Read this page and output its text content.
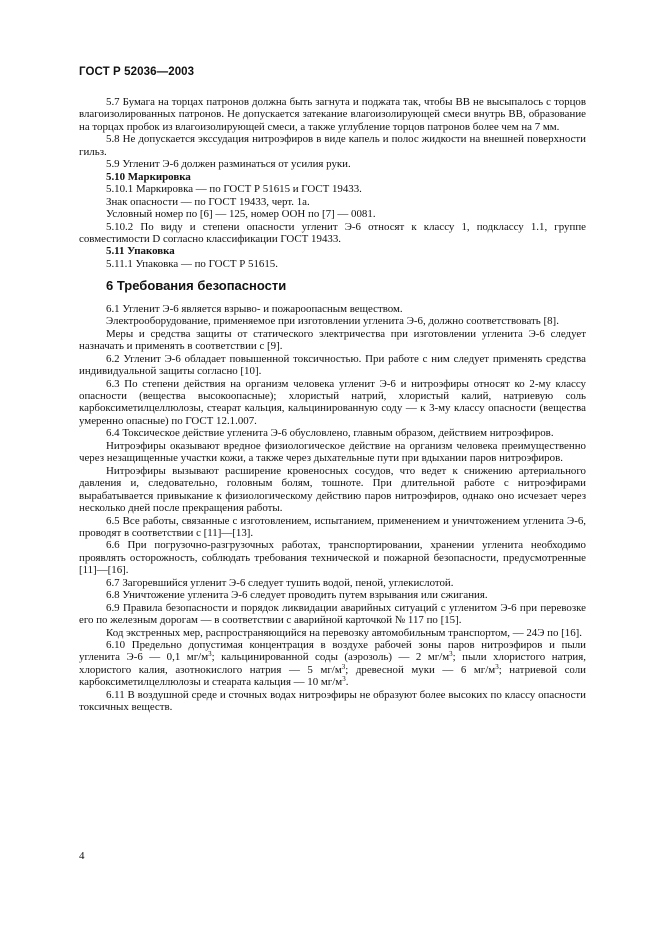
ГОСТ Р 52036—2003

5.7 Бумага на торцах патронов должна быть загнута и поджата так, чтобы ВВ не высыпалось с торцов влагоизолированных патронов. Не допускается затекание влагоизолирующей смеси внутрь ВВ, образование на торцах пробок из влагоизолирующей смеси, а также углубление торцов патронов более чем на 7 мм.

5.8 Не допускается экссудация нитроэфиров в виде капель и полос жидкости на внешней поверхности гильз.

5.9 Угленит Э-6 должен разминаться от усилия руки.

5.10 Маркировка

5.10.1 Маркировка — по ГОСТ Р 51615 и ГОСТ 19433.

Знак опасности — по ГОСТ 19433, черт. 1а.

Условный номер по [6] — 125, номер ООН по [7] — 0081.

5.10.2 По виду и степени опасности угленит Э-6 относят к классу 1, подклассу 1.1, группе совместимости D согласно классификации ГОСТ 19433.

5.11 Упаковка

5.11.1 Упаковка — по ГОСТ Р 51615.

6 Требования безопасности

6.1 Угленит Э-6 является взрыво- и пожароопасным веществом.

Электрооборудование, применяемое при изготовлении угленита Э-6, должно соответствовать [8].

Меры и средства защиты от статического электричества при изготовлении угленита Э-6 следует назначать и применять в соответствии с [9].

6.2 Угленит Э-6 обладает повышенной токсичностью. При работе с ним следует применять средства индивидуальной защиты согласно [10].

6.3 По степени действия на организм человека угленит Э-6 и нитроэфиры относят ко 2-му классу опасности (вещества высокоопасные); хлористый натрий, хлористый калий, натриевую соль карбоксиметилцеллюлозы, стеарат кальция, кальцинированную соду — к 3-му классу опасности (вещества умеренно опасные) по ГОСТ 12.1.007.

6.4 Токсическое действие угленита Э-6 обусловлено, главным образом, действием нитроэфиров.

Нитроэфиры оказывают вредное физиологическое действие на организм человека преимущественно через незащищенные участки кожи, а также через дыхательные пути при вдыхании паров нитроэфиров.

Нитроэфиры вызывают расширение кровеносных сосудов, что ведет к снижению артериального давления и, следовательно, головным болям, тошноте. При длительной работе с нитроэфирами вырабатывается привыкание к физиологическому действию паров нитроэфиров, однако оно исчезает через несколько дней после прекращения работы.

6.5 Все работы, связанные с изготовлением, испытанием, применением и уничтожением угленита Э-6, проводят в соответствии с [11]—[13].

6.6 При погрузочно-разгрузочных работах, транспортировании, хранении угленита необходимо проявлять осторожность, соблюдать требования технической и пожарной безопасности, предусмотренные [11]—[16].

6.7 Загоревшийся угленит Э-6 следует тушить водой, пеной, углекислотой.

6.8 Уничтожение угленита Э-6 следует проводить путем взрывания или сжигания.

6.9 Правила безопасности и порядок ликвидации аварийных ситуаций с угленитом Э-6 при перевозке его по железным дорогам — в соответствии с аварийной карточкой № 117 по [15].

Код экстренных мер, распространяющийся на перевозку автомобильным транспортом, — 24Э по [16].

6.10 Предельно допустимая концентрация в воздухе рабочей зоны паров нитроэфиров и пыли угленита Э-6 — 0,1 $мг/м^3$; кальцинированной соды (аэрозоль) — 2 $мг/м^3$; пыли хлористого натрия, хлористого калия, азотнокислого натрия — 5 $мг/м^3$; древесной муки — 6 $мг/м^3$; натриевой соли карбоксиметилцеллюлозы и стеарата кальция — 10 $мг/м^3$.

6.11 В воздушной среде и сточных водах нитроэфиры не образуют более высоких по классу опасности токсичных веществ.

4
